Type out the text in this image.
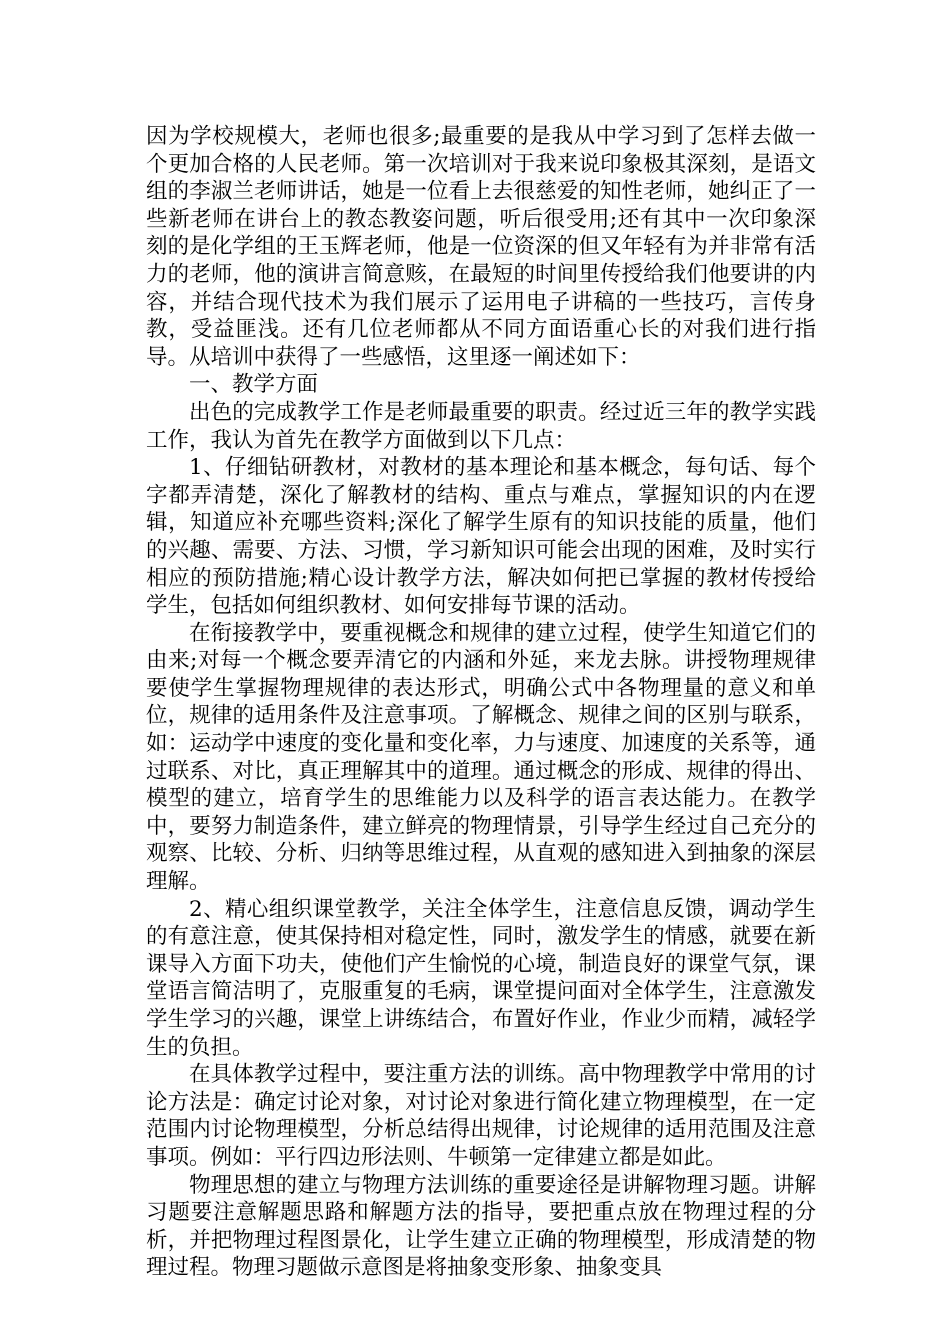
因为学校规模大，老师也很多;最重要的是我从中学习到了怎样去做一个更加合格的人民老师。第一次培训对于我来说印象极其深刻，是语文组的李淑兰老师讲话，她是一位看上去很慈爱的知性老师，她纠正了一些新老师在讲台上的教态教姿问题，听后很受用;还有其中一次印象深刻的是化学组的王玉辉老师，他是一位资深的但又年轻有为并非常有活力的老师，他的演讲言简意赅，在最短的时间里传授给我们他要讲的内容，并结合现代技术为我们展示了运用电子讲稿的一些技巧，言传身教，受益匪浅。还有几位老师都从不同方面语重心长的对我们进行指导。从培训中获得了一些感悟，这里逐一阐述如下：

一、教学方面

出色的完成教学工作是老师最重要的职责。经过近三年的教学实践工作，我认为首先在教学方面做到以下几点：

1、仔细钻研教材，对教材的基本理论和基本概念，每句话、每个字都弄清楚，深化了解教材的结构、重点与难点，掌握知识的内在逻辑，知道应补充哪些资料;深化了解学生原有的知识技能的质量，他们的兴趣、需要、方法、习惯，学习新知识可能会出现的困难，及时实行相应的预防措施;精心设计教学方法，解决如何把已掌握的教材传授给学生，包括如何组织教材、如何安排每节课的活动。

在衔接教学中，要重视概念和规律的建立过程，使学生知道它们的由来;对每一个概念要弄清它的内涵和外延，来龙去脉。讲授物理规律要使学生掌握物理规律的表达形式，明确公式中各物理量的意义和单位，规律的适用条件及注意事项。了解概念、规律之间的区别与联系，如：运动学中速度的变化量和变化率，力与速度、加速度的关系等，通过联系、对比，真正理解其中的道理。通过概念的形成、规律的得出、模型的建立，培育学生的思维能力以及科学的语言表达能力。在教学中，要努力制造条件，建立鲜亮的物理情景，引导学生经过自己充分的观察、比较、分析、归纳等思维过程，从直观的感知进入到抽象的深层理解。

2、精心组织课堂教学，关注全体学生，注意信息反馈，调动学生的有意注意，使其保持相对稳定性，同时，激发学生的情感，就要在新课导入方面下功夫，使他们产生愉悦的心境，制造良好的课堂气氛，课堂语言简洁明了，克服重复的毛病，课堂提问面对全体学生，注意激发学生学习的兴趣，课堂上讲练结合，布置好作业，作业少而精，减轻学生的负担。

在具体教学过程中，要注重方法的训练。高中物理教学中常用的讨论方法是：确定讨论对象，对讨论对象进行简化建立物理模型，在一定范围内讨论物理模型，分析总结得出规律，讨论规律的适用范围及注意事项。例如：平行四边形法则、牛顿第一定律建立都是如此。

物理思想的建立与物理方法训练的重要途径是讲解物理习题。讲解习题要注意解题思路和解题方法的指导，要把重点放在物理过程的分析，并把物理过程图景化，让学生建立正确的物理模型，形成清楚的物理过程。物理习题做示意图是将抽象变形象、抽象变具
